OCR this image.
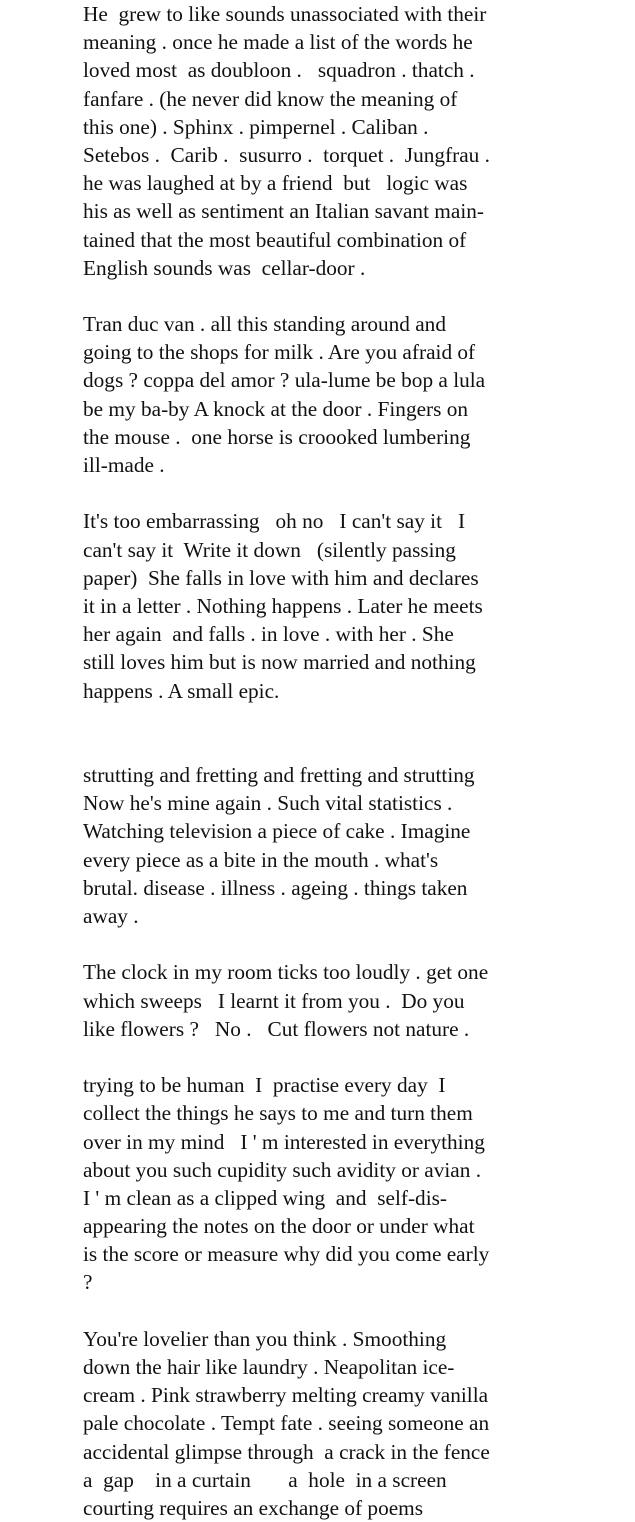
He  grew to like sounds unassociated with their
meaning . once he made a list of the words he
loved most  as doubloon .   squadron . thatch .
fanfare . (he never did know the meaning of
this one) . Sphinx . pimpernel . Caliban .
Setebos .  Carib .  susurro .  torquet .  Jungfrau .
he was laughed at by a friend  but   logic was
his as well as sentiment an Italian savant main-
tained that the most beautiful combination of
English sounds was  cellar-door .
Tran duc van . all this standing around and
going to the shops for milk . Are you afraid of
dogs ? coppa del amor ? ula-lume be bop a lula
be my ba-by A knock at the door . Fingers on
the mouse .  one horse is croooked lumbering
ill-made .
It's too embarrassing   oh no   I can't say it   I
can't say it  Write it down   (silently passing
paper)  She falls in love with him and declares
it in a letter . Nothing happens . Later he meets
her again  and falls . in love . with her . She
still loves him but is now married and nothing
happens . A small epic.
strutting and fretting and fretting and strutting
Now he's mine again . Such vital statistics .
Watching television a piece of cake . Imagine
every piece as a bite in the mouth . what's
brutal. disease . illness . ageing . things taken
away .
The clock in my room ticks too loudly . get one
which sweeps   I learnt it from you .  Do you
like flowers ?   No .   Cut flowers not nature .
trying to be human  I  practise every day  I
collect the things he says to me and turn them
over in my mind   I ' m interested in everything
about you such cupidity such avidity or avian .
I ' m clean as a clipped wing  and  self-dis-
appearing the notes on the door or under what
is the score or measure why did you come early
?
You're lovelier than you think . Smoothing
down the hair like laundry . Neapolitan ice-
cream . Pink strawberry melting creamy vanilla
pale chocolate . Tempt fate . seeing someone an
accidental glimpse through  a crack in the fence
a  gap    in a curtain       a  hole  in a screen
courting requires an exchange of poems
